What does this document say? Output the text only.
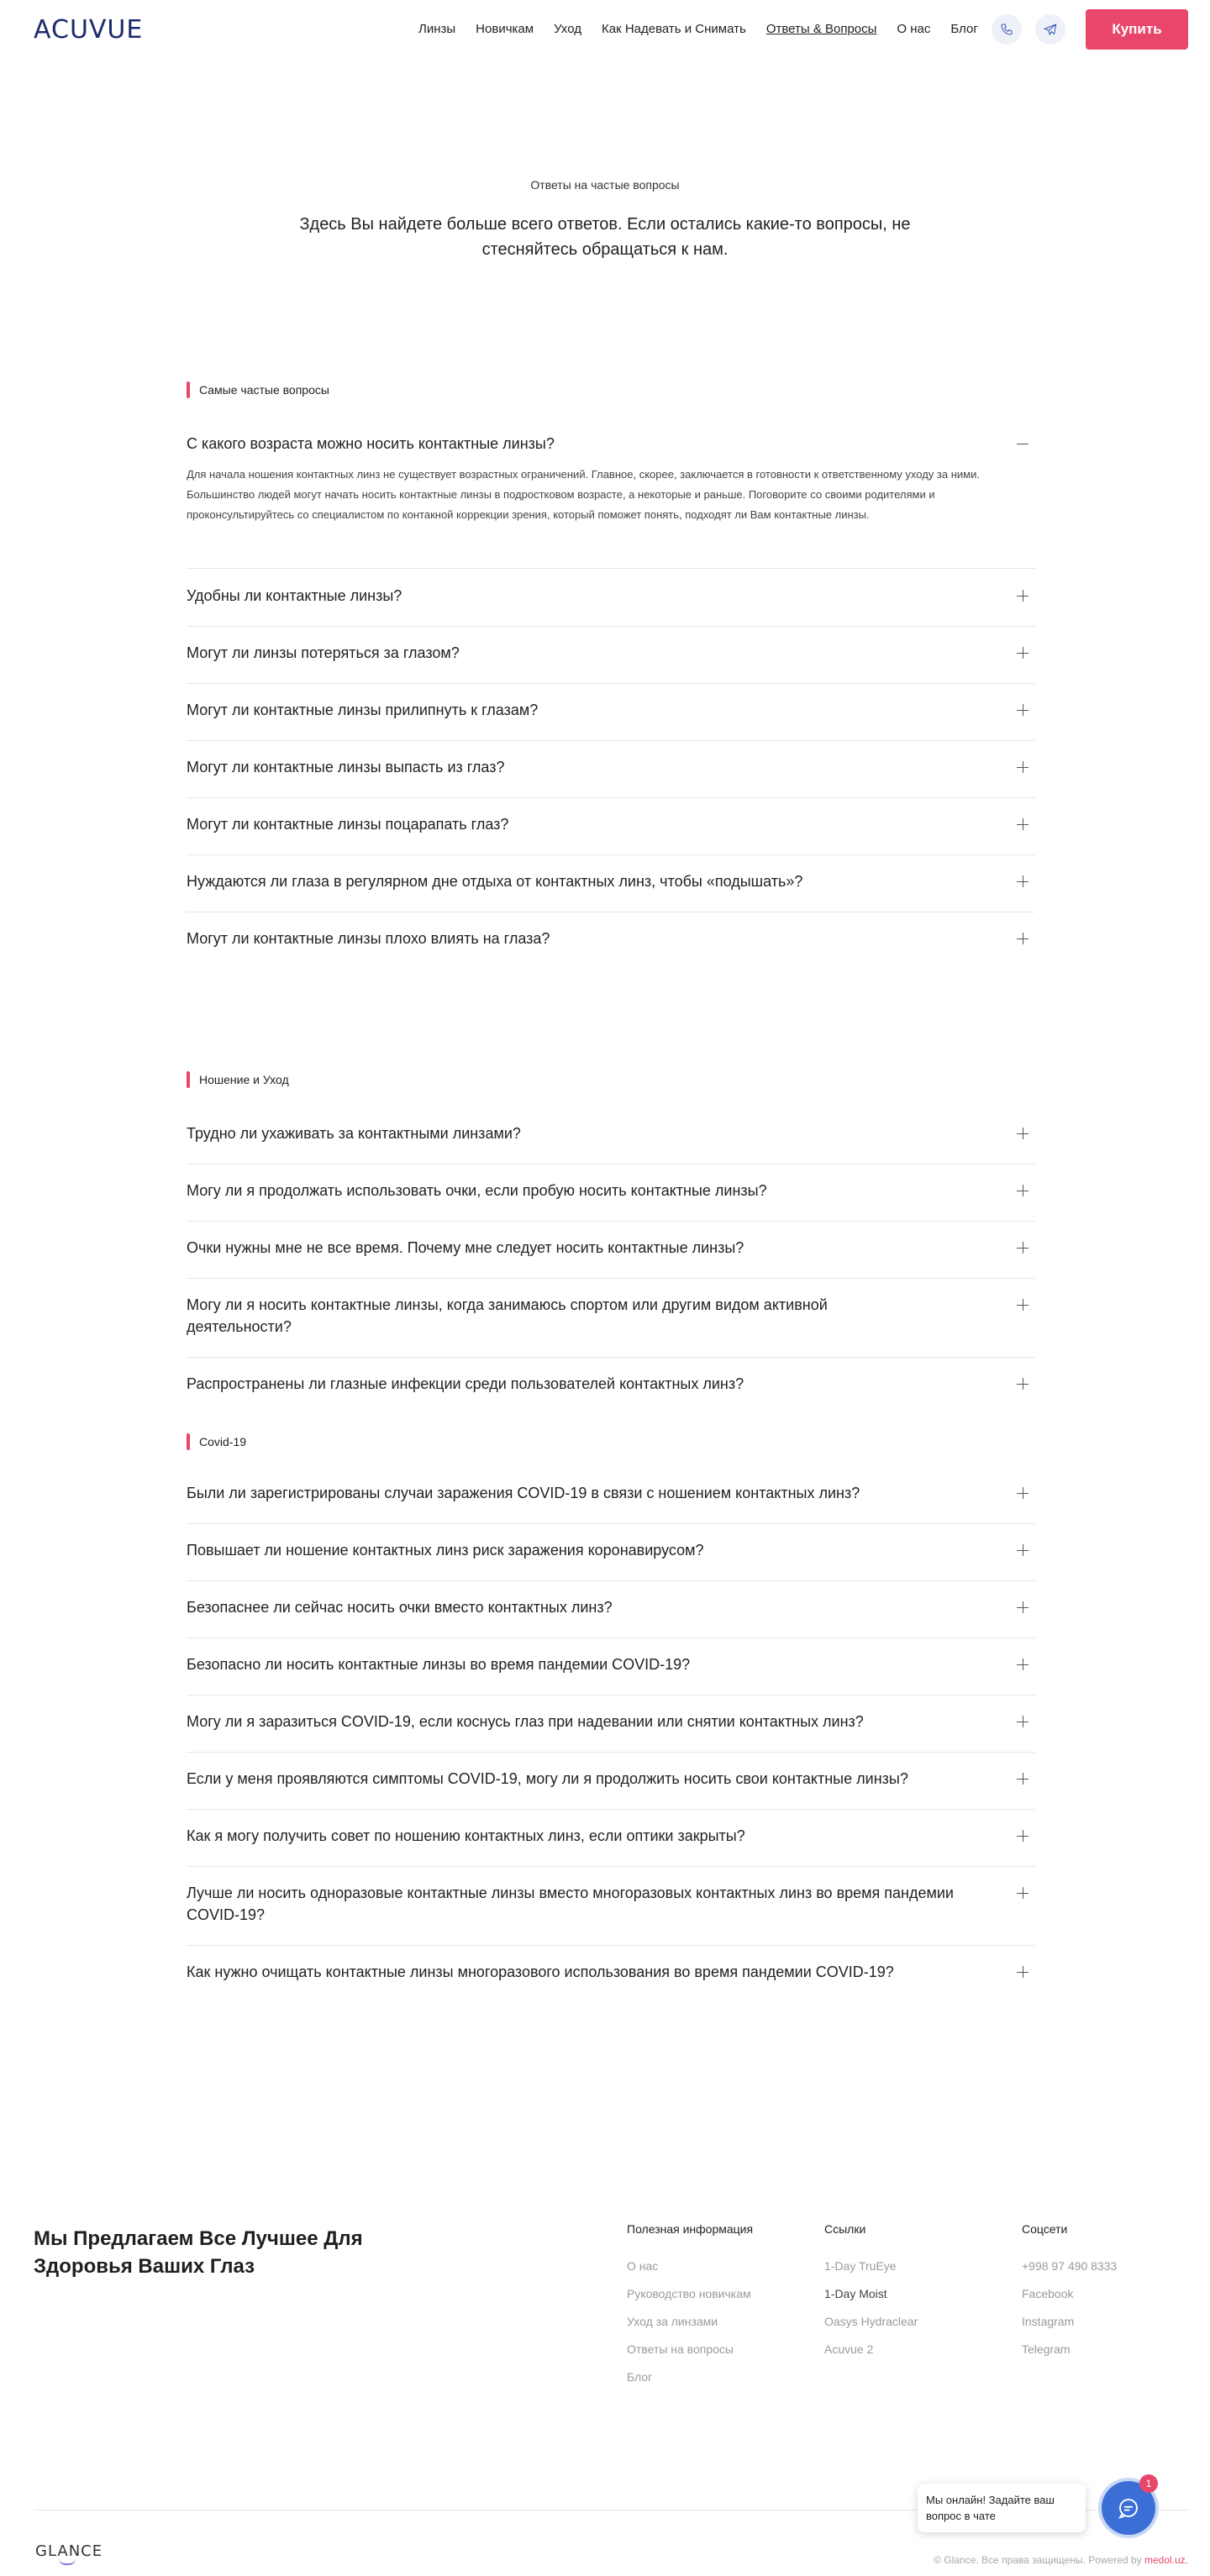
ACUVUE	Линзы Новичкам Уход Как Надевать и Снимать Ответы & Вопросы О нас Блог	Купить
Ответы на частые вопросы
Здесь Вы найдете больше всего ответов. Если остались какие-то вопросы, не стесняйтесь обращаться к нам.
Самые частые вопросы
С какого возраста можно носить контактные линзы?
Для начала ношения контактных линз не существует возрастных ограничений. Главное, скорее, заключается в готовности к ответственному уходу за ними. Большинство людей могут начать носить контактные линзы в подростковом возрасте, а некоторые и раньше. Поговорите со своими родителями и проконсультируйтесь со специалистом по контакной коррекции зрения, который поможет понять, подходят ли Вам контактные линзы.
Удобны ли контактные линзы?
Могут ли линзы потеряться за глазом?
Могут ли контактные линзы прилипнуть к глазам?
Могут ли контактные линзы выпасть из глаз?
Могут ли контактные линзы поцарапать глаз?
Нуждаются ли глаза в регулярном дне отдыха от контактных линз, чтобы «подышать»?
Могут ли контактные линзы плохо влиять на глаза?
Ношение и Уход
Трудно ли ухаживать за контактными линзами?
Могу ли я продолжать использовать очки, если пробую носить контактные линзы?
Очки нужны мне не все время. Почему мне следует носить контактные линзы?
Могу ли я носить контактные линзы, когда занимаюсь спортом или другим видом активной деятельности?
Распространены ли глазные инфекции среди пользователей контактных линз?
Covid-19
Были ли зарегистрированы случаи заражения COVID-19 в связи с ношением контактных линз?
Повышает ли ношение контактных линз риск заражения коронавирусом?
Безопаснее ли сейчас носить очки вместо контактных линз?
Безопасно ли носить контактные линзы во время пандемии COVID-19?
Могу ли я заразиться COVID-19, если коснусь глаз при надевании или снятии контактных линз?
Если у меня проявляются симптомы COVID-19, могу ли я продолжить носить свои контактные линзы?
Как я могу получить совет по ношению контактных линз, если оптики закрыты?
Лучше ли носить одноразовые контактные линзы вместо многоразовых контактных линз во время пандемии COVID-19?
Как нужно очищать контактные линзы многоразового использования во время пандемии COVID-19?
Мы Предлагаем Все Лучшее Для Здоровья Ваших Глаз
Полезная информация
О нас
Руководство новичкам
Уход за линзами
Ответы на вопросы
Блог
Ссылки
1-Day TruEye
1-Day Moist
Oasys Hydraclear
Acuvue 2
Соцсети
+998 97 490 8333
Facebook
Instagram
Telegram
GLANCE	© Glance. Все права защищены. Powered by medol.uz.
Мы онлайн! Задайте ваш вопрос в чате
1
